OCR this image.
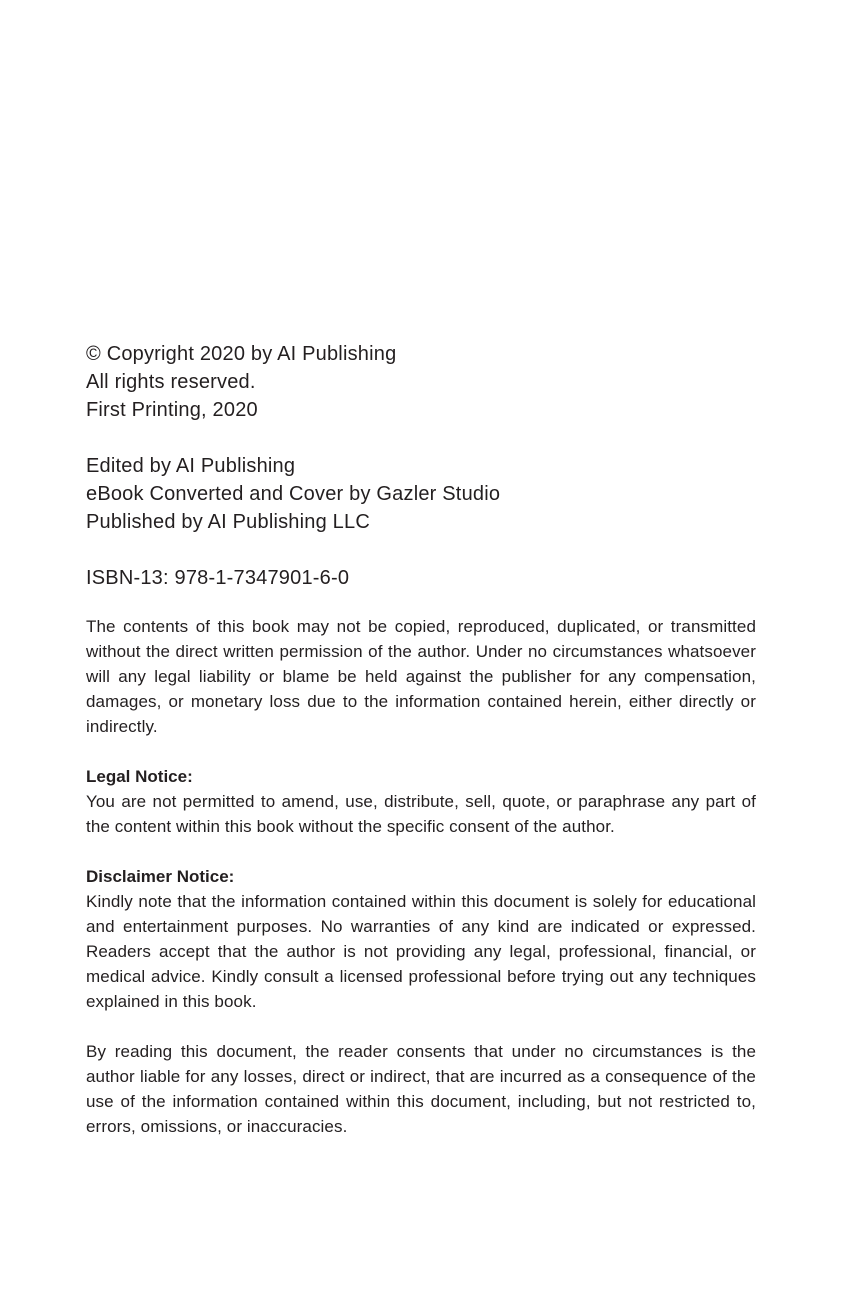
© Copyright 2020 by AI Publishing
All rights reserved.
First Printing, 2020
Edited by AI Publishing
eBook Converted and Cover by Gazler Studio
Published by AI Publishing LLC
ISBN-13: 978-1-7347901-6-0

The contents of this book may not be copied, reproduced, duplicated, or transmitted without the direct written permission of the author. Under no circumstances whatsoever will any legal liability or blame be held against the publisher for any compensation, damages, or monetary loss due to the information contained herein, either directly or indirectly.

Legal Notice:

You are not permitted to amend, use, distribute, sell, quote, or paraphrase any part of the content within this book without the specific consent of the author.

Disclaimer Notice:

Kindly note that the information contained within this document is solely for educational and entertainment purposes. No warranties of any kind are indicated or expressed. Readers accept that the author is not providing any legal, professional, financial, or medical advice. Kindly consult a licensed professional before trying out any techniques explained in this book.

By reading this document, the reader consents that under no circumstances is the author liable for any losses, direct or indirect, that are incurred as a consequence of the use of the information contained within this document, including, but not restricted to, errors, omissions, or inaccuracies.
